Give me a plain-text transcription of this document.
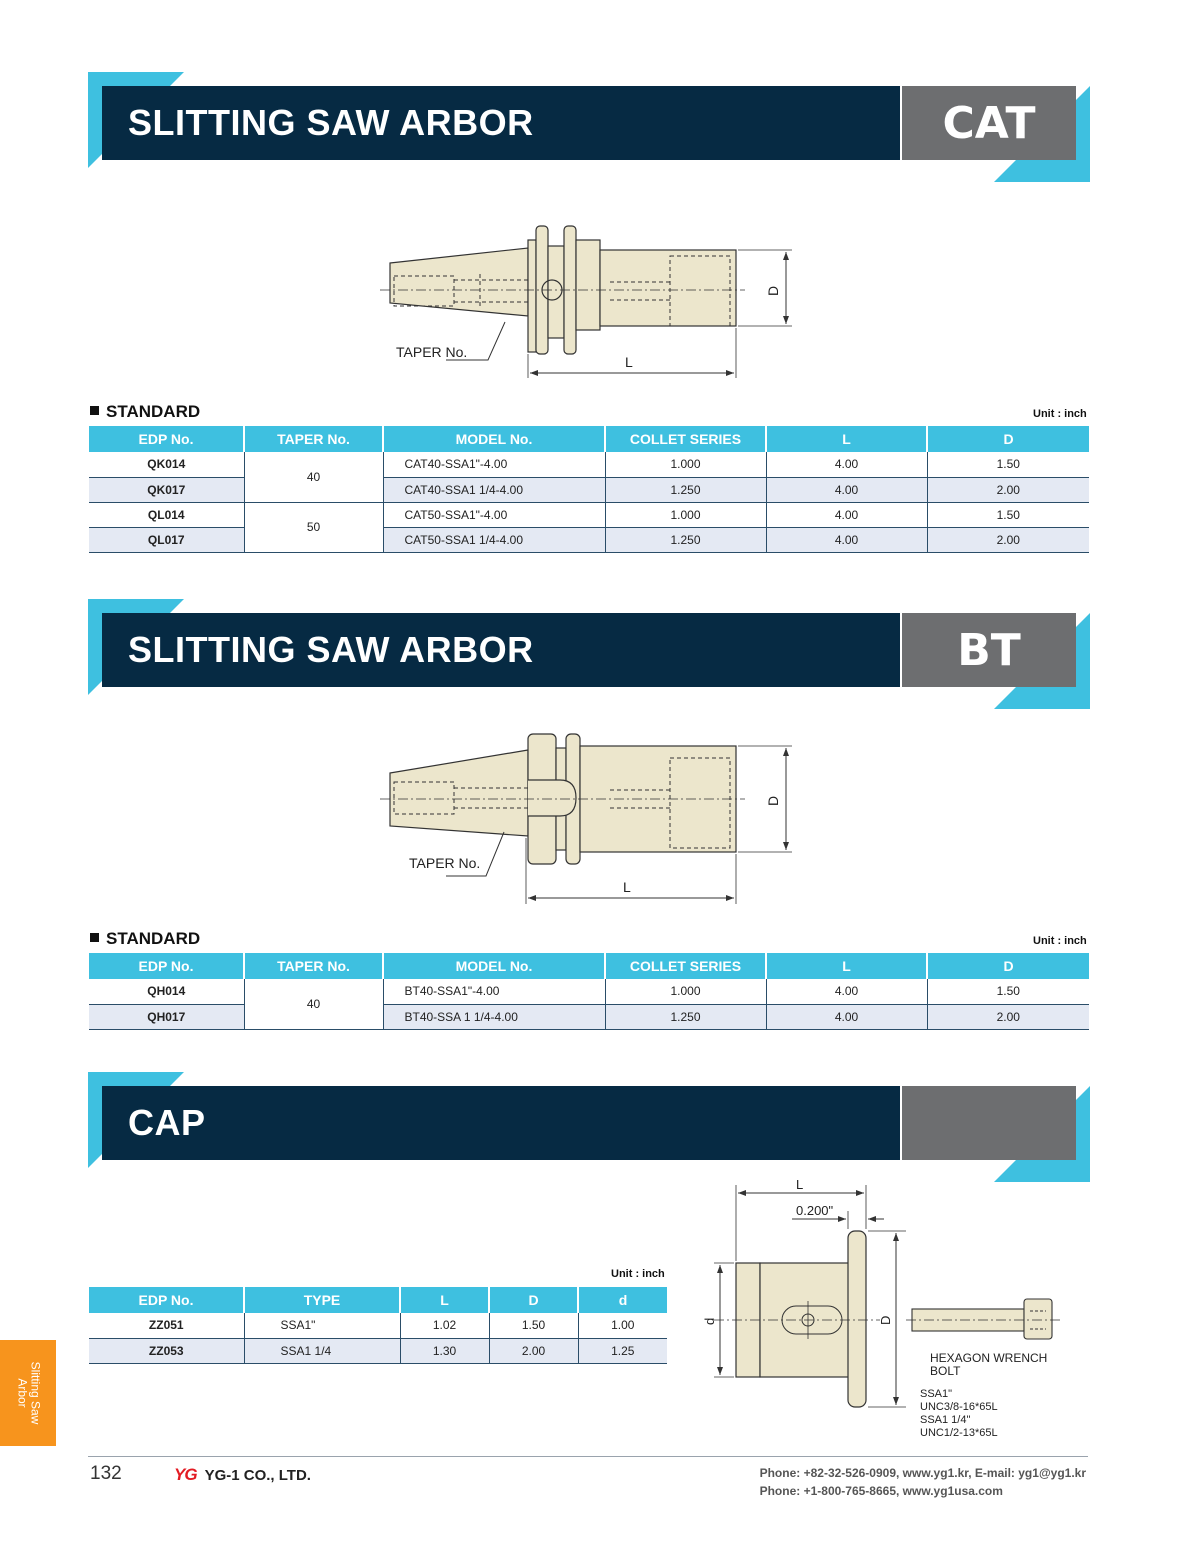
SLITTING SAW ARBOR	CAT
TAPER No.
L
D
STANDARD	Unit : inch
EDP No.	TAPER No.	MODEL No.	COLLET SERIES	L	D
QK014	40	CAT40-SSA1"-4.00	1.000	4.00	1.50
QK017		CAT40-SSA1 1/4-4.00	1.250	4.00	2.00
QL014	50	CAT50-SSA1"-4.00	1.000	4.00	1.50
QL017		CAT50-SSA1 1/4-4.00	1.250	4.00	2.00
SLITTING SAW ARBOR	BT
TAPER No.
L
D
STANDARD	Unit : inch
EDP No.	TAPER No.	MODEL No.	COLLET SERIES	L	D
QH014	40	BT40-SSA1"-4.00	1.000	4.00	1.50
QH017		BT40-SSA 1 1/4-4.00	1.250	4.00	2.00
CAP
Unit : inch
EDP No.	TYPE	L	D	d
ZZ051	SSA1"	1.02	1.50	1.00
ZZ053	SSA1 1/4	1.30	2.00	1.25
L
0.200"
d	D
HEXAGON WRENCH
BOLT
SSA1"
UNC3/8-16*65L
SSA1 1/4"
UNC1/2-13*65L
Slitting Saw
Arbor
132	YG YG-1 CO., LTD.	Phone: +82-32-526-0909, www.yg1.kr, E-mail: yg1@yg1.kr
Phone: +1-800-765-8665, www.yg1usa.com
